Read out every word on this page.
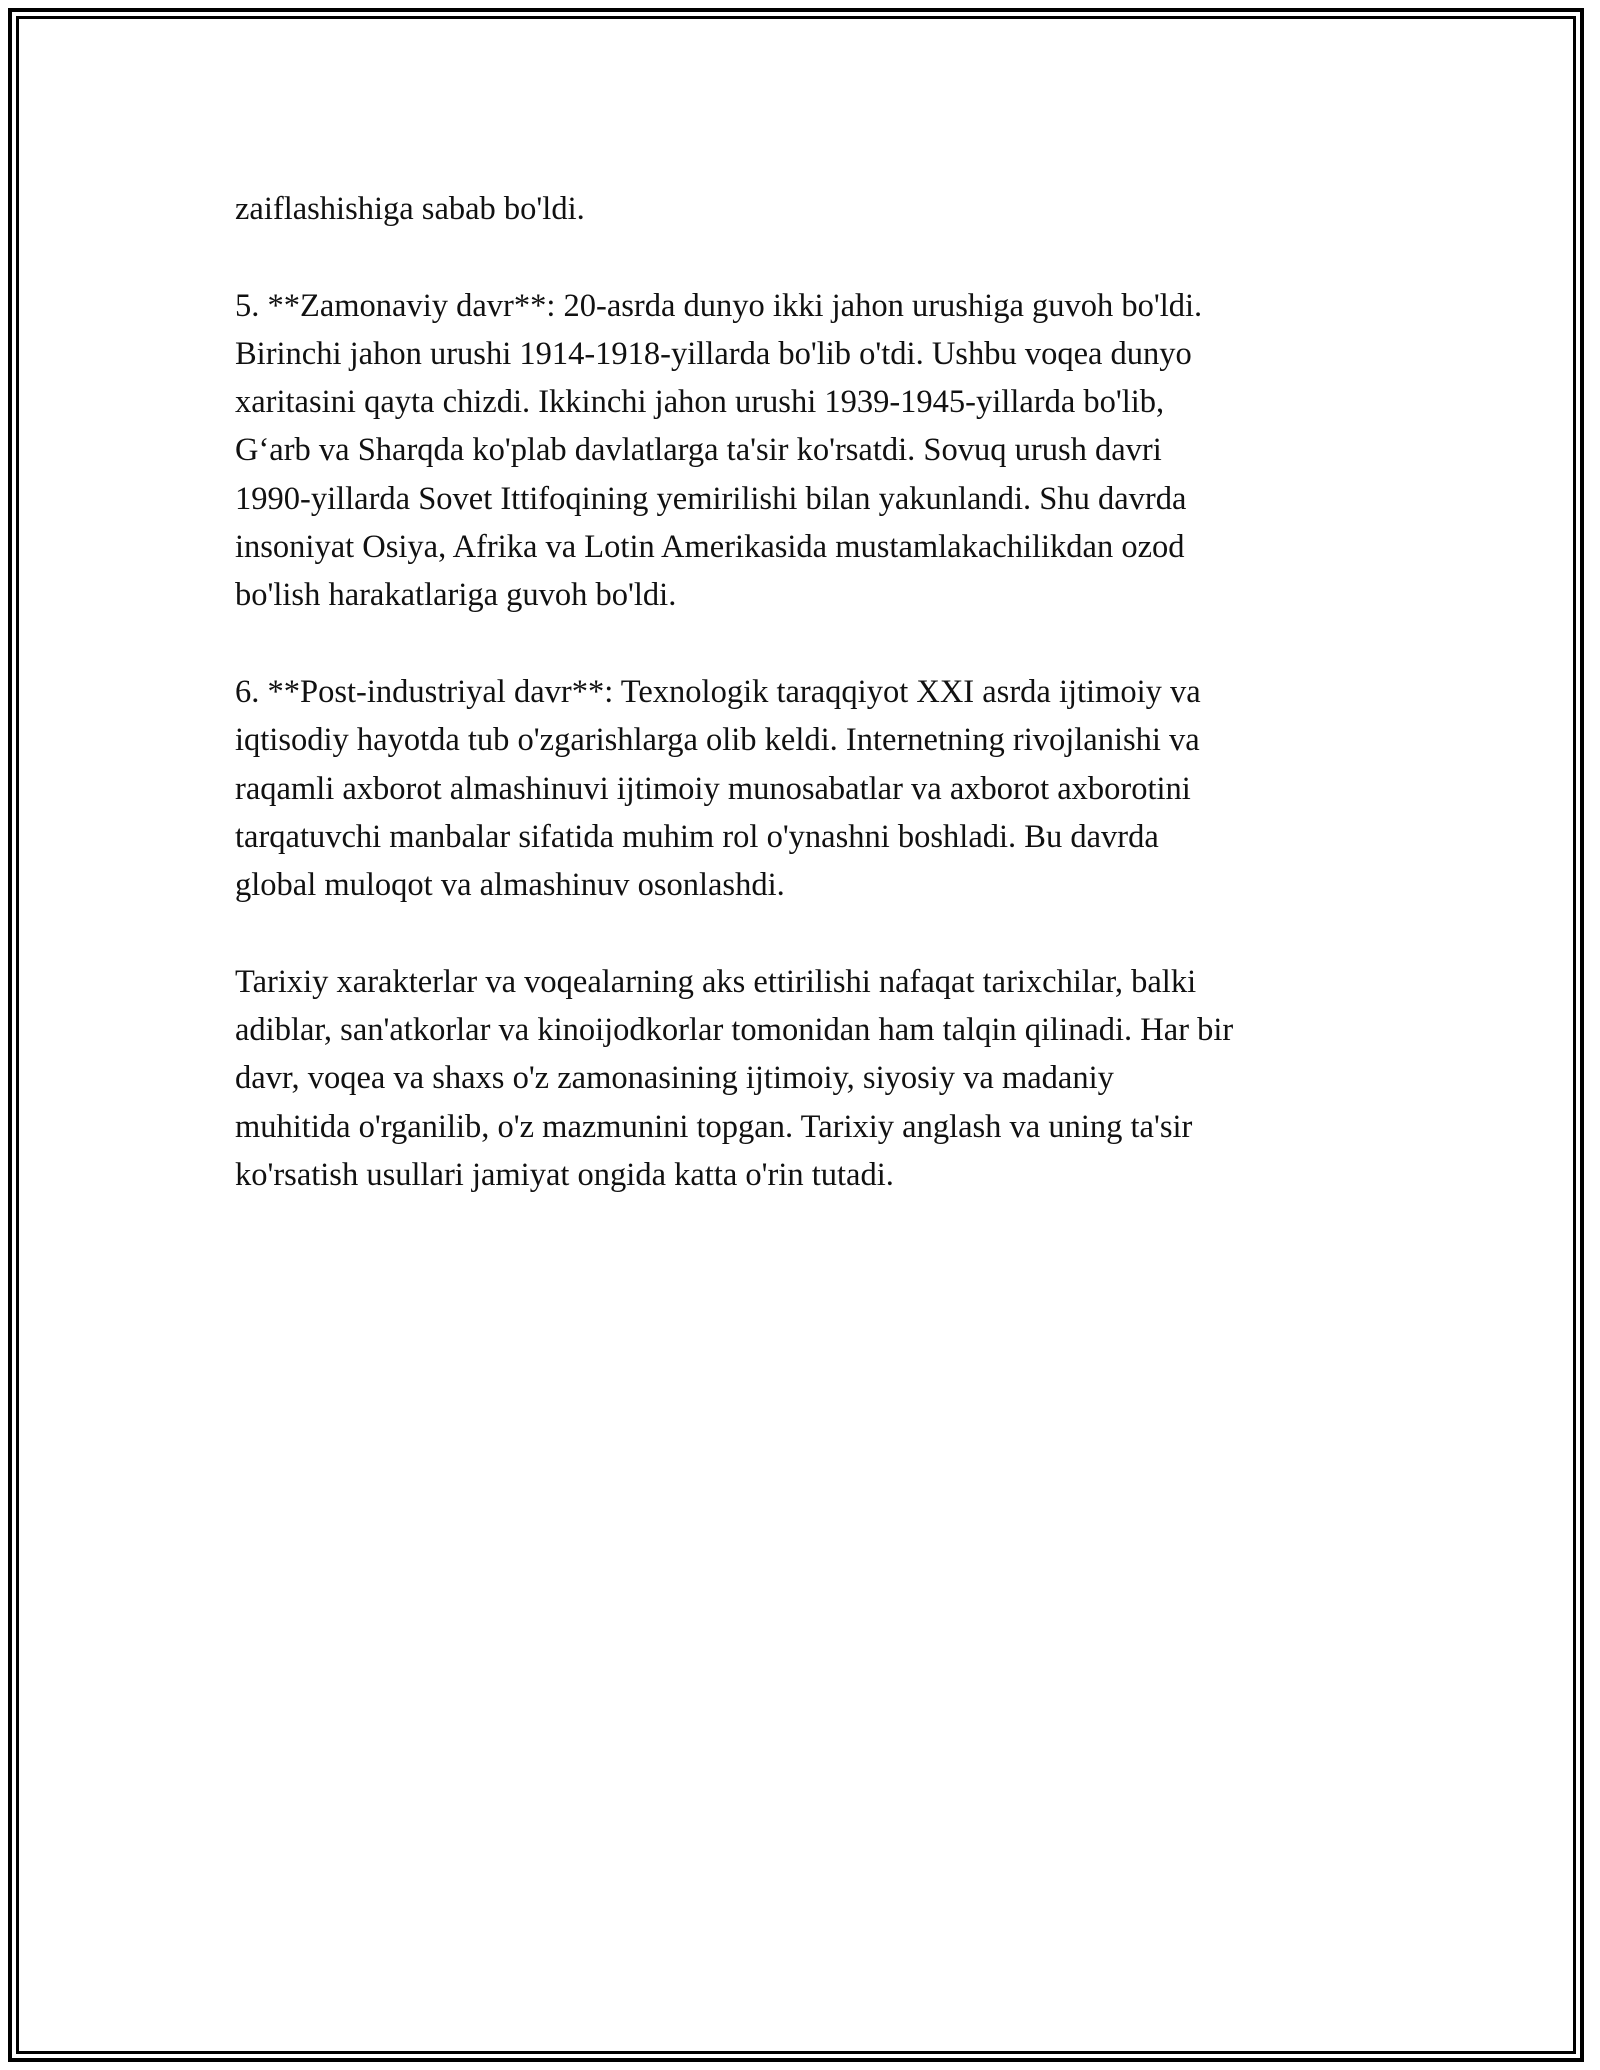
zaiflashishiga sabab bo'ldi.

5. **Zamonaviy davr**: 20-asrda dunyo ikki jahon urushiga guvoh bo'ldi.
Birinchi jahon urushi 1914-1918-yillarda bo'lib o'tdi. Ushbu voqea dunyo
xaritasini qayta chizdi. Ikkinchi jahon urushi 1939-1945-yillarda bo'lib,
G‘arb va Sharqda ko'plab davlatlarga ta'sir ko'rsatdi. Sovuq urush davri
1990-yillarda Sovet Ittifoqining yemirilishi bilan yakunlandi. Shu davrda
insoniyat Osiya, Afrika va Lotin Amerikasida mustamlakachilikdan ozod
bo'lish harakatlariga guvoh bo'ldi.

6. **Post-industriyal davr**: Texnologik taraqqiyot XXI asrda ijtimoiy va
iqtisodiy hayotda tub o'zgarishlarga olib keldi. Internetning rivojlanishi va
raqamli axborot almashinuvi ijtimoiy munosabatlar va axborot axborotini
tarqatuvchi manbalar sifatida muhim rol o'ynashni boshladi. Bu davrda
global muloqot va almashinuv osonlashdi.

Tarixiy xarakterlar va voqealarning aks ettirilishi nafaqat tarixchilar, balki
adiblar, san'atkorlar va kinoijodkorlar tomonidan ham talqin qilinadi. Har bir
davr, voqea va shaxs o'z zamonasining ijtimoiy, siyosiy va madaniy
muhitida o'rganilib, o'z mazmunini topgan. Tarixiy anglash va uning ta'sir
ko'rsatish usullari jamiyat ongida katta o'rin tutadi.
